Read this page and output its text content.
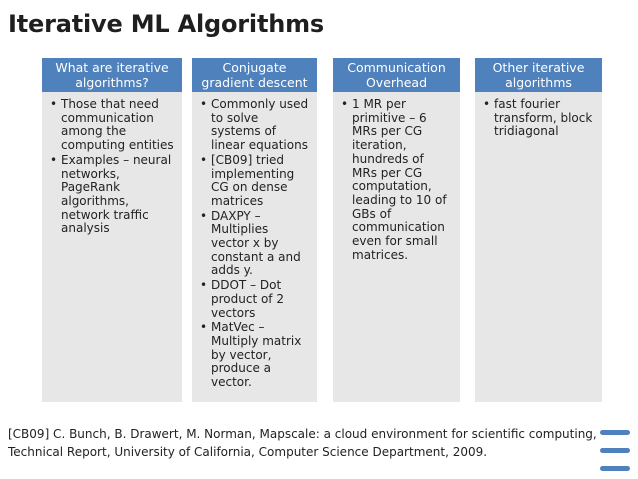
Iterative ML Algorithms
What are iterative algorithms?
• Those that need communication among the computing entities
• Examples – neural networks, PageRank algorithms, network traffic analysis
Conjugate gradient descent
• Commonly used to solve systems of linear equations
• [CB09] tried implementing CG on dense matrices
• DAXPY – Multiplies vector x by constant a and adds y.
• DDOT – Dot product of 2 vectors
• MatVec – Multiply matrix by vector, produce a vector.
Communication Overhead
• 1 MR per primitive – 6 MRs per CG iteration, hundreds of MRs per CG computation, leading to 10 of GBs of communication even for small matrices.
Other iterative algorithms
• fast fourier transform, block tridiagonal
[CB09] C. Bunch, B. Drawert, M. Norman, Mapscale: a cloud environment for scientific computing, Technical Report, University of California, Computer Science Department, 2009.
